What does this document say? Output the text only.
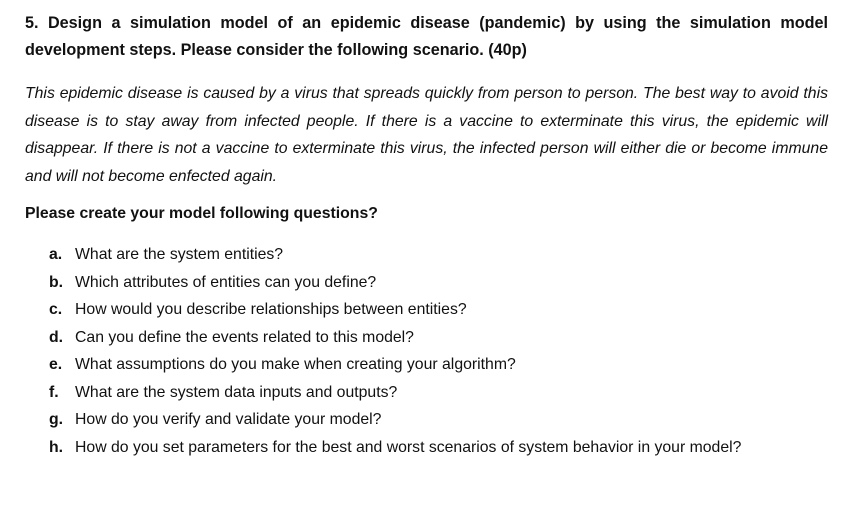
5. Design a simulation model of an epidemic disease (pandemic) by using the simulation model development steps. Please consider the following scenario. (40p)

This epidemic disease is caused by a virus that spreads quickly from person to person. The best way to avoid this disease is to stay away from infected people. If there is a vaccine to exterminate this virus, the epidemic will disappear. If there is not a vaccine to exterminate this virus, the infected person will either die or become immune and will not become enfected again.

Please create your model following questions?

a. What are the system entities?
b. Which attributes of entities can you define?
c. How would you describe relationships between entities?
d. Can you define the events related to this model?
e. What assumptions do you make when creating your algorithm?
f. What are the system data inputs and outputs?
g. How do you verify and validate your model?
h. How do you set parameters for the best and worst scenarios of system behavior in your model?
